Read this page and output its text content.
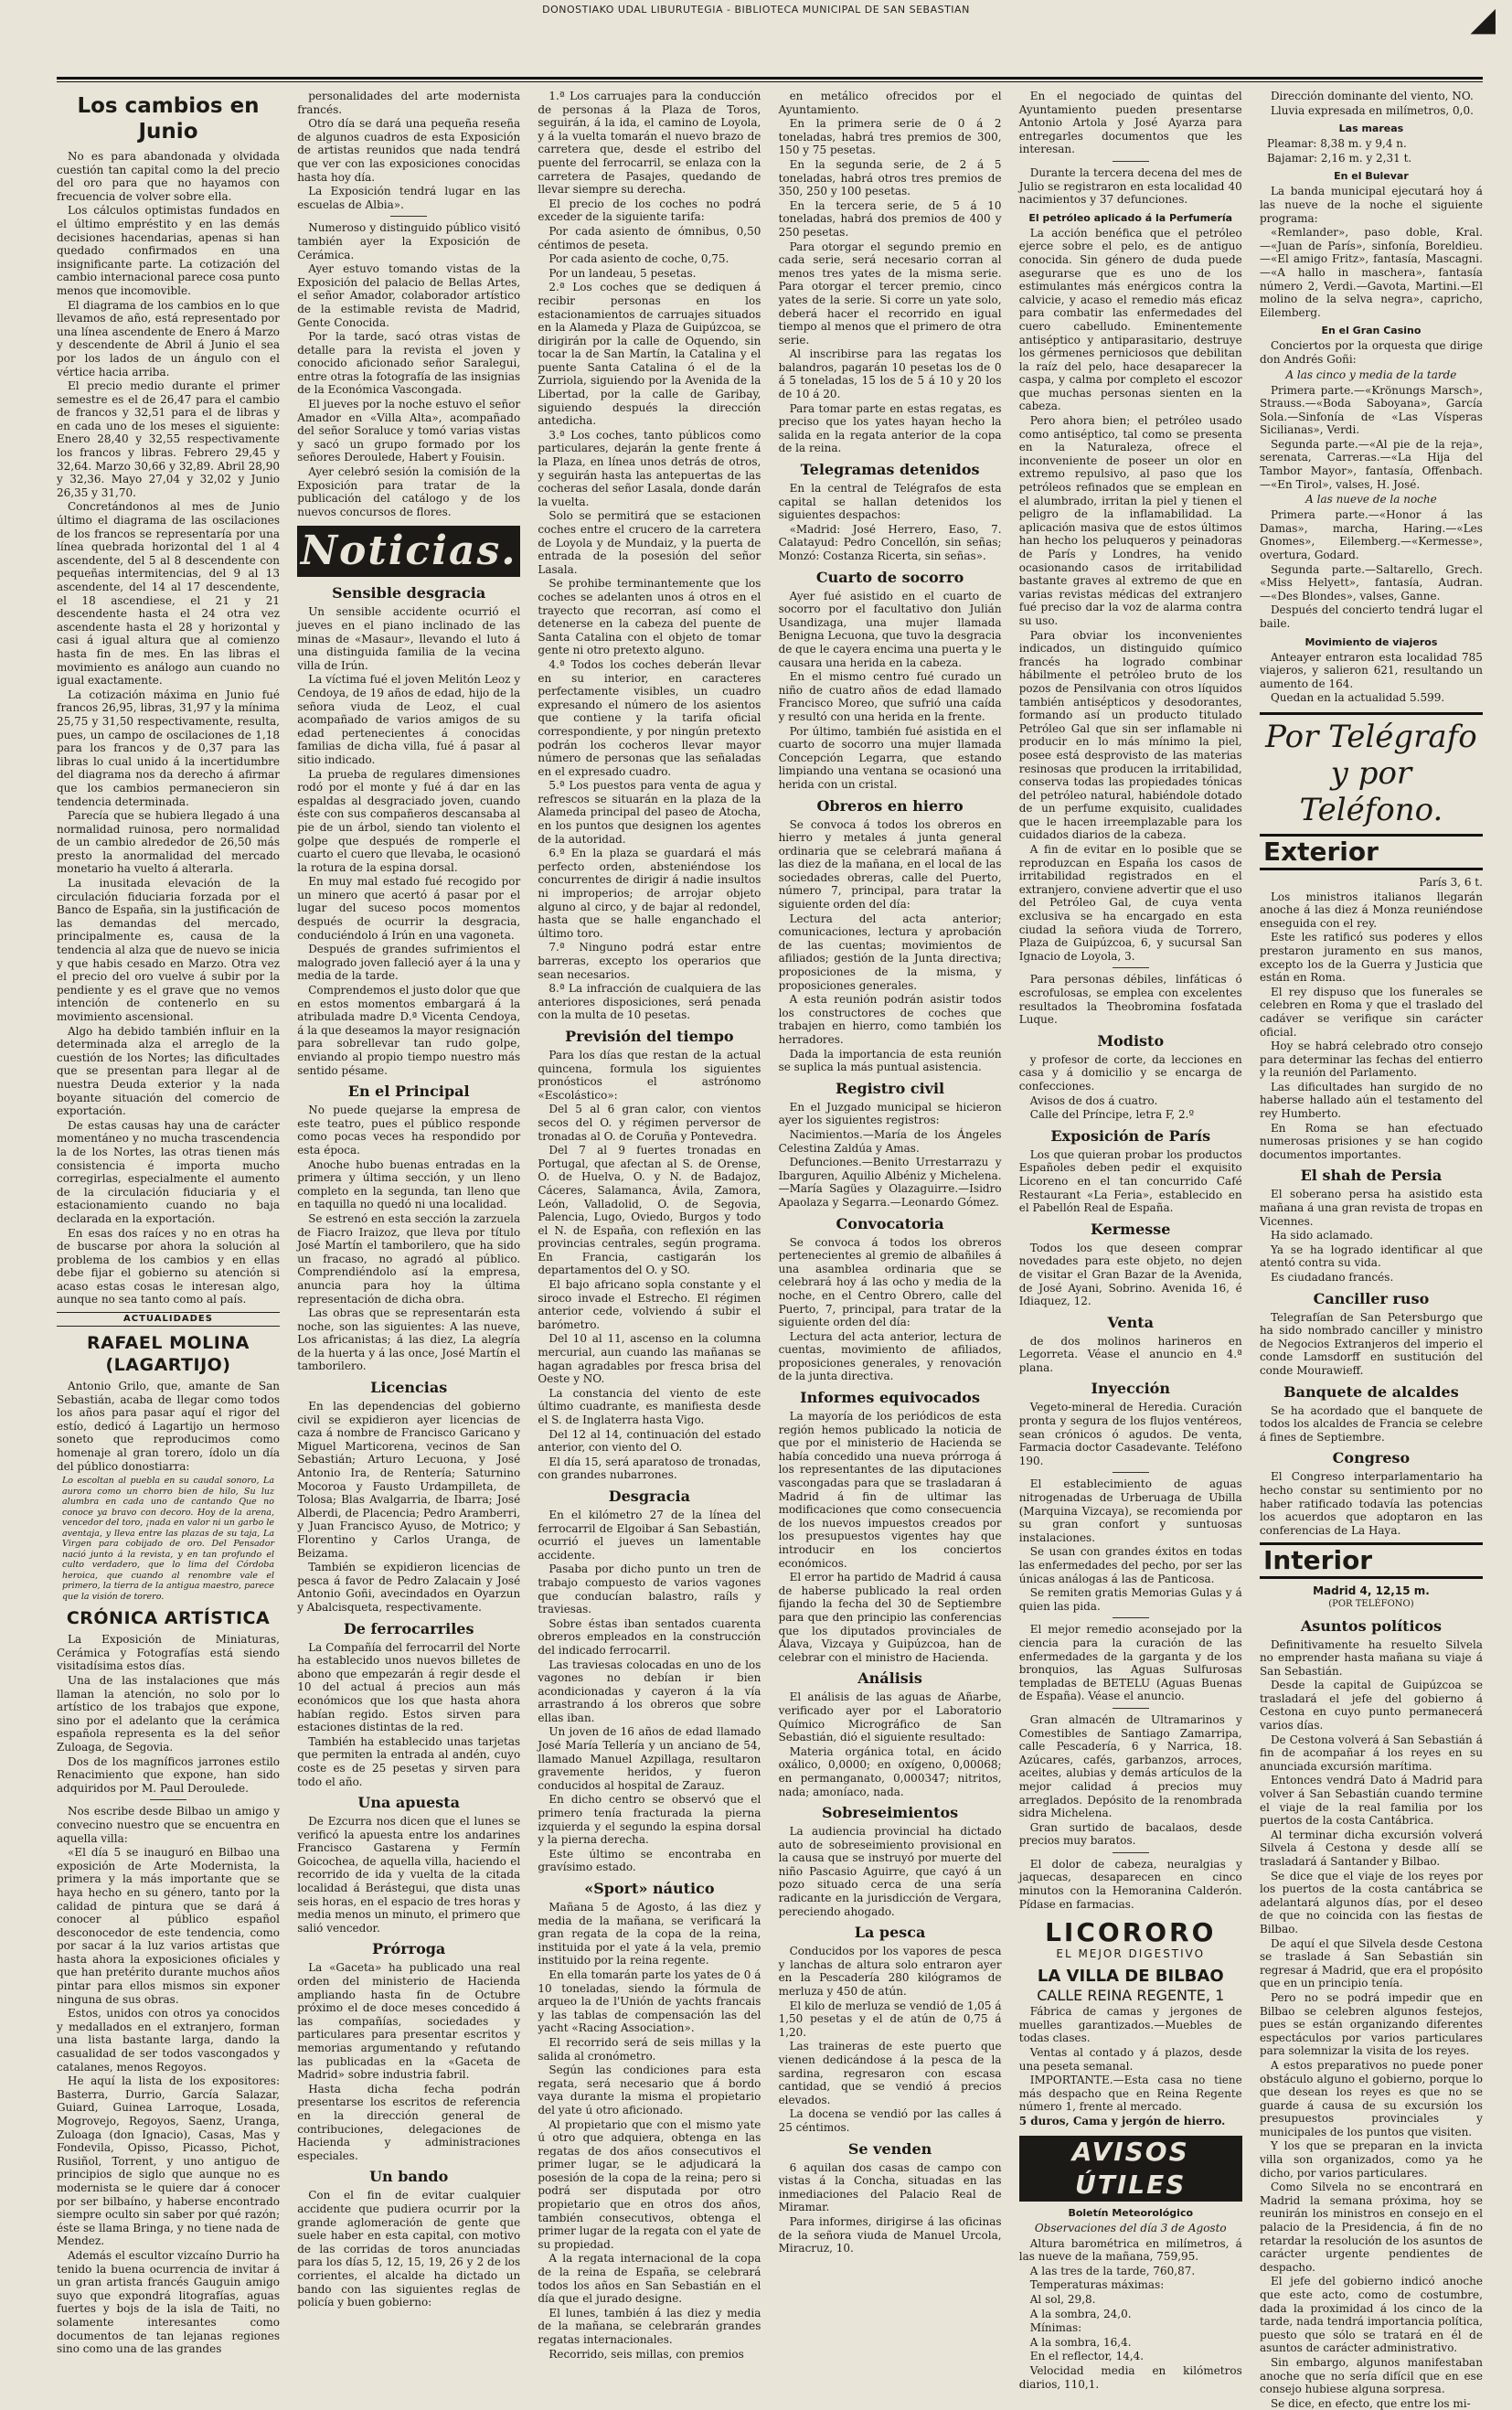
DONOSTIAKO UDAL LIBURUTEGIA - BIBLIOTECA MUNICIPAL DE SAN SEBASTIAN	◢
Los cambios en Junio

No es para abandonada y olvidada cuestión tan capital como la del precio del oro para que no hayamos con frecuencia de volver sobre ella.

Los cálculos optimistas fundados en el último empréstito y en las demás decisiones hacendarias, apenas si han quedado confirmados en una insignificante parte. La cotización del cambio internacional parece cosa punto menos que incomovible.

El diagrama de los cambios en lo que llevamos de año, está representado por una línea ascendente de Enero á Marzo y descendente de Abril á Junio el sea por los lados de un ángulo con el vértice hacia arriba.

El precio medio durante el primer semestre es el de 26,47 para el cambio de francos y 32,51 para el de libras y en cada uno de los meses el siguiente: Enero 28,40 y 32,55 respectivamente los francos y libras. Febrero 29,45 y 32,64. Marzo 30,66 y 32,89. Abril 28,90 y 32,36. Mayo 27,04 y 32,02 y Junio 26,35 y 31,70.

Concretándonos al mes de Junio último el diagrama de las oscilaciones de los francos se representaría por una línea quebrada horizontal del 1 al 4 ascendente, del 5 al 8 descendente con pequeñas intermitencias, del 9 al 13 ascendente, del 14 al 17 descendente, el 18 ascendiese, el 21 y 21 descendente hasta el 24 otra vez ascendente hasta el 28 y horizontal y casi á igual altura que al comienzo hasta fin de mes. En las libras el movimiento es análogo aun cuando no igual exactamente.

La cotización máxima en Junio fué francos 26,95, libras, 31,97 y la mínima 25,75 y 31,50 respectivamente, resulta, pues, un campo de oscilaciones de 1,18 para los francos y de 0,37 para las libras lo cual unido á la incertidumbre del diagrama nos da derecho á afirmar que los cambios permanecieron sin tendencia determinada.

Parecía que se hubiera llegado á una normalidad ruinosa, pero normalidad de un cambio alrededor de 26,50 más presto la anormalidad del mercado monetario ha vuelto á alterarla.

La inusitada elevación de la circulación fiduciaria forzada por el Banco de España, sin la justificación de las demandas del mercado, principalmente es, causa de la tendencia al alza que de nuevo se inicia y que habis cesado en Marzo. Otra vez el precio del oro vuelve á subir por la pendiente y es el grave que no vemos intención de contenerlo en su movimiento ascensional.

Algo ha debido también influir en la determinada alza el arreglo de la cuestión de los Nortes; las dificultades que se presentan para llegar al de nuestra Deuda exterior y la nada boyante situación del comercio de exportación.

De estas causas hay una de carácter momentáneo y no mucha trascendencia la de los Nortes, las otras tienen más consistencia é importa mucho corregirlas, especialmente el aumento de la circulación fiduciaria y el estacionamiento cuando no baja declarada en la exportación.

En esas dos raíces y no en otras ha de buscarse por ahora la solución al problema de los cambios y en ellas debe fijar el gobierno su atención si acaso estas cosas le interesan algo, aunque no sea tanto como al país.

ACTUALIDADES
RAFAEL MOLINA (LAGARTIJO)

Antonio Grilo, que, amante de San Sebastián, acaba de llegar como todos los años para pasar aquí el rigor del estío, dedicó á Lagartijo un hermoso soneto que reproducimos como homenaje al gran torero, ídolo un día del público donostiarra:

Lo escoltan al puebla en su caudal sonoro, La aurora como un chorro bien de hilo, Su luz alumbra en cada uno de cantando Que no conoce ya bravo con decoro. Hoy de la arena, vencedor del toro, ¡nada en valor ni un garbo le aventaja, y lleva entre las plazas de su taja, La Virgen para cobijado de oro. Del Pensador nació junto á la revista, y en tan profundo el culto verdadero, que lo lima del Córdoba heroica, que cuando al renombre vale el primero, la tierra de la antigua maestro, parece que la visión de torero.

CRÓNICA ARTÍSTICA

La Exposición de Miniaturas, Cerámica y Fotografías está siendo visitadísima estos días.

Una de las instalaciones que más llaman la atención, no solo por lo artístico de los trabajos que expone, sino por el adelanto que la cerámica española representa es la del señor Zuloaga, de Segovia.

Dos de los magníficos jarrones estilo Renacimiento que expone, han sido adquiridos por M. Paul Deroulede.

Nos escribe desde Bilbao un amigo y convecino nuestro que se encuentra en aquella villa:

«El día 5 se inauguró en Bilbao una exposición de Arte Modernista, la primera y la más importante que se haya hecho en su género, tanto por la calidad de pintura que se dará á conocer al público español desconocedor de este tendencia, como por sacar á la luz varios artistas que hasta ahora la exposiciones oficiales y que han pretérito durante muchos años pintar para ellos mismos sin exponer ninguna de sus obras.

Estos, unidos con otros ya conocidos y medallados en el extranjero, forman una lista bastante larga, dando la casualidad de ser todos vascongados y catalanes, menos Regoyos.

He aquí la lista de los expositores: Basterra, Durrio, García Salazar, Guiard, Guinea Larroque, Losada, Mogrovejo, Regoyos, Saenz, Uranga, Zuloaga (don Ignacio), Casas, Mas y Fondevila, Opisso, Picasso, Pichot, Rusiñol, Torrent, y uno antiguo de principios de siglo que aunque no es modernista se le quiere dar á conocer por ser bilbaíno, y haberse encontrado siempre oculto sin saber por qué razón; éste se llama Bringa, y no tiene nada de Mendez.

Además el escultor vizcaíno Durrio ha tenido la buena ocurrencia de invitar á un gran artista francés Gauguin amigo suyo que expondrá litografías, aguas fuertes y bojs de la isla de Taiti, no solamente interesantes como documentos de tan lejanas regiones sino como una de las grandes

personalidades del arte modernista francés.

Otro día se dará una pequeña reseña de algunos cuadros de esta Exposición de artistas reunidos que nada tendrá que ver con las exposiciones conocidas hasta hoy día.

La Exposición tendrá lugar en las escuelas de Albia».

Numeroso y distinguido público visitó también ayer la Exposición de Cerámica.

Ayer estuvo tomando vistas de la Exposición del palacio de Bellas Artes, el señor Amador, colaborador artístico de la estimable revista de Madrid, Gente Conocida.

Por la tarde, sacó otras vistas de detalle para la revista el joven y conocido aficionado señor Saralegui, entre otras la fotografía de las insignias de la Económica Vascongada.

El jueves por la noche estuvo el señor Amador en «Villa Alta», acompañado del señor Soraluce y tomó varias vistas y sacó un grupo formado por los señores Deroulede, Habert y Fouisin.

Ayer celebró sesión la comisión de la Exposición para tratar de la publicación del catálogo y de los nuevos concursos de flores.

Noticias.
Sensible desgracia

Un sensible accidente ocurrió el jueves en el piano inclinado de las minas de «Masaur», llevando el luto á una distinguida familia de la vecina villa de Irún.

La víctima fué el joven Melitón Leoz y Cendoya, de 19 años de edad, hijo de la señora viuda de Leoz, el cual acompañado de varios amigos de su edad pertenecientes á conocidas familias de dicha villa, fué á pasar al sitio indicado.

La prueba de regulares dimensiones rodó por el monte y fué á dar en las espaldas al desgraciado joven, cuando éste con sus compañeros descansaba al pie de un árbol, siendo tan violento el golpe que después de romperle el cuarto el cuero que llevaba, le ocasionó la rotura de la espina dorsal.

En muy mal estado fué recogido por un minero que acertó á pasar por el lugar del suceso pocos momentos después de ocurrir la desgracia, conduciéndolo á Irún en una vagoneta.

Después de grandes sufrimientos el malogrado joven falleció ayer á la una y media de la tarde.

Comprendemos el justo dolor que que en estos momentos embargará á la atribulada madre D.ª Vicenta Cendoya, á la que deseamos la mayor resignación para sobrellevar tan rudo golpe, enviando al propio tiempo nuestro más sentido pésame.

En el Principal

No puede quejarse la empresa de este teatro, pues el público responde como pocas veces ha respondido por esta época.

Anoche hubo buenas entradas en la primera y última sección, y un lleno completo en la segunda, tan lleno que en taquilla no quedó ni una localidad.

Se estrenó en esta sección la zarzuela de Fiacro Iraizoz, que lleva por título José Martín el tamborilero, que ha sido un fracaso, no agradó al público. Comprendiéndolo así la empresa, anuncia para hoy la última representación de dicha obra.

Las obras que se representarán esta noche, son las siguientes: A las nueve, Los africanistas; á las diez, La alegría de la huerta y á las once, José Martín el tamborilero.

Licencias

En las dependencias del gobierno civil se expidieron ayer licencias de caza á nombre de Francisco Garicano y Miguel Marticorena, vecinos de San Sebastián; Arturo Lecuona, y José Antonio Ira, de Rentería; Saturnino Mocoroa y Fausto Urdampilleta, de Tolosa; Blas Avalgarria, de Ibarra; José Alberdi, de Placencia; Pedro Aramberri, y Juan Francisco Ayuso, de Motrico; y Florentino y Carlos Uranga, de Beizama.

También se expidieron licencias de pesca á favor de Pedro Zalacain y José Antonio Goñi, avecindados en Oyarzun y Abalcisqueta, respectivamente.

De ferrocarriles

La Compañía del ferrocarril del Norte ha establecido unos nuevos billetes de abono que empezarán á regir desde el 10 del actual á precios aun más económicos que los que hasta ahora habían regido. Estos sirven para estaciones distintas de la red.

También ha establecido unas tarjetas que permiten la entrada al andén, cuyo coste es de 25 pesetas y sirven para todo el año.

Una apuesta

De Ezcurra nos dicen que el lunes se verificó la apuesta entre los andarines Francisco Gastarena y Fermín Goicochea, de aquella villa, haciendo el recorrido de ida y vuelta de la citada localidad á Berástegui, que dista unas seis horas, en el espacio de tres horas y media menos un minuto, el primero que salió vencedor.

Prórroga

La «Gaceta» ha publicado una real orden del ministerio de Hacienda ampliando hasta fin de Octubre próximo el de doce meses concedido á las compañías, sociedades y particulares para presentar escritos y memorias argumentando y refutando las publicadas en la «Gaceta de Madrid» sobre industria fabril.

Hasta dicha fecha podrán presentarse los escritos de referencia en la dirección general de contribuciones, delegaciones de Hacienda y administraciones especiales.

Un bando

Con el fin de evitar cualquier accidente que pudiera ocurrir por la grande aglomeración de gente que suele haber en esta capital, con motivo de las corridas de toros anunciadas para los días 5, 12, 15, 19, 26 y 2 de los corrientes, el alcalde ha dictado un bando con las siguientes reglas de policía y buen gobierno:

1.ª Los carruajes para la conducción de personas á la Plaza de Toros, seguirán, á la ida, el camino de Loyola, y á la vuelta tomarán el nuevo brazo de carretera que, desde el estribo del puente del ferrocarril, se enlaza con la carretera de Pasajes, quedando de llevar siempre su derecha.

El precio de los coches no podrá exceder de la siguiente tarifa:

Por cada asiento de ómnibus, 0,50 céntimos de peseta.

Por cada asiento de coche, 0,75.

Por un landeau, 5 pesetas.

2.ª Los coches que se dediquen á recibir personas en los estacionamientos de carruajes situados en la Alameda y Plaza de Guipúzcoa, se dirigirán por la calle de Oquendo, sin tocar la de San Martín, la Catalina y el puente Santa Catalina ó el de la Zurriola, siguiendo por la Avenida de la Libertad, por la calle de Garibay, siguiendo después la dirección antedicha.

3.ª Los coches, tanto públicos como particulares, dejarán la gente frente á la Plaza, en línea unos detrás de otros, y seguirán hasta las antepuertas de las cocheras del señor Lasala, donde darán la vuelta.

Solo se permitirá que se estacionen coches entre el crucero de la carretera de Loyola y de Mundaiz, y la puerta de entrada de la posesión del señor Lasala.

Se prohibe terminantemente que los coches se adelanten unos á otros en el trayecto que recorran, así como el detenerse en la cabeza del puente de Santa Catalina con el objeto de tomar gente ni otro pretexto alguno.

4.ª Todos los coches deberán llevar en su interior, en caracteres perfectamente visibles, un cuadro expresando el número de los asientos que contiene y la tarifa oficial correspondiente, y por ningún pretexto podrán los cocheros llevar mayor número de personas que las señaladas en el expresado cuadro.

5.ª Los puestos para venta de agua y refrescos se situarán en la plaza de la Alameda principal del paseo de Atocha, en los puntos que designen los agentes de la autoridad.

6.ª En la plaza se guardará el más perfecto orden, absteniéndose los concurrentes de dirigir á nadie insultos ni improperios; de arrojar objeto alguno al circo, y de bajar al redondel, hasta que se halle enganchado el último toro.

7.ª Ninguno podrá estar entre barreras, excepto los operarios que sean necesarios.

8.ª La infracción de cualquiera de las anteriores disposiciones, será penada con la multa de 10 pesetas.

Previsión del tiempo

Para los días que restan de la actual quincena, formula los siguientes pronósticos el astrónomo «Escolástico»:

Del 5 al 6 gran calor, con vientos secos del O. y régimen perversor de tronadas al O. de Coruña y Pontevedra.

Del 7 al 9 fuertes tronadas en Portugal, que afectan al S. de Orense, O. de Huelva, O. y N. de Badajoz, Cáceres, Salamanca, Ávila, Zamora, León, Valladolid, O. de Segovia, Palencia, Lugo, Oviedo, Burgos y todo el N. de España, con reflexión en las provincias centrales, según programa. En Francia, castigarán los departamentos del O. y SO.

El bajo africano sopla constante y el siroco invade el Estrecho. El régimen anterior cede, volviendo á subir el barómetro.

Del 10 al 11, ascenso en la columna mercurial, aun cuando las mañanas se hagan agradables por fresca brisa del Oeste y NO.

La constancia del viento de este último cuadrante, es manifiesta desde el S. de Inglaterra hasta Vigo.

Del 12 al 14, continuación del estado anterior, con viento del O.

El día 15, será aparatoso de tronadas, con grandes nubarrones.

Desgracia

En el kilómetro 27 de la línea del ferrocarril de Elgoibar á San Sebastián, ocurrió el jueves un lamentable accidente.

Pasaba por dicho punto un tren de trabajo compuesto de varios vagones que conducían balastro, raíls y traviesas.

Sobre éstas iban sentados cuarenta obreros empleados en la construcción del indicado ferrocarril.

Las traviesas colocadas en uno de los vagones no debían ir bien acondicionadas y cayeron á la vía arrastrando á los obreros que sobre ellas iban.

Un joven de 16 años de edad llamado José María Tellería y un anciano de 54, llamado Manuel Azpillaga, resultaron gravemente heridos, y fueron conducidos al hospital de Zarauz.

En dicho centro se observó que el primero tenía fracturada la pierna izquierda y el segundo la espina dorsal y la pierna derecha.

Este último se encontraba en gravísimo estado.

«Sport» náutico

Mañana 5 de Agosto, á las diez y media de la mañana, se verificará la gran regata de la copa de la reina, instituida por el yate á la vela, premio instituido por la reina regente.

En ella tomarán parte los yates de 0 á 10 toneladas, siendo la fórmula de arqueo la de l'Unión de yachts francais y las tablas de compensación las del yacht «Racing Association».

El recorrido será de seis millas y la salida al cronómetro.

Según las condiciones para esta regata, será necesario que á bordo vaya durante la misma el propietario del yate ú otro aficionado.

Al propietario que con el mismo yate ú otro que adquiera, obtenga en las regatas de dos años consecutivos el primer lugar, se le adjudicará la posesión de la copa de la reina; pero si podrá ser disputada por otro propietario que en otros dos años, también consecutivos, obtenga el primer lugar de la regata con el yate de su propiedad.

A la regata internacional de la copa de la reina de España, se celebrará todos los años en San Sebastián en el día que el jurado designe.

El lunes, también á las diez y media de la mañana, se celebrarán grandes regatas internacionales.

Recorrido, seis millas, con premios

en metálico ofrecidos por el Ayuntamiento.

En la primera serie de 0 á 2 toneladas, habrá tres premios de 300, 150 y 75 pesetas.

En la segunda serie, de 2 á 5 toneladas, habrá otros tres premios de 350, 250 y 100 pesetas.

En la tercera serie, de 5 á 10 toneladas, habrá dos premios de 400 y 250 pesetas.

Para otorgar el segundo premio en cada serie, será necesario corran al menos tres yates de la misma serie. Para otorgar el tercer premio, cinco yates de la serie. Si corre un yate solo, deberá hacer el recorrido en igual tiempo al menos que el primero de otra serie.

Al inscribirse para las regatas los balandros, pagarán 10 pesetas los de 0 á 5 toneladas, 15 los de 5 á 10 y 20 los de 10 á 20.

Para tomar parte en estas regatas, es preciso que los yates hayan hecho la salida en la regata anterior de la copa de la reina.

Telegramas detenidos

En la central de Telégrafos de esta capital se hallan detenidos los siguientes despachos:

«Madrid: José Herrero, Easo, 7. Calatayud: Pedro Concellón, sin señas; Monzó: Costanza Ricerta, sin señas».

Cuarto de socorro

Ayer fué asistido en el cuarto de socorro por el facultativo don Julián Usandizaga, una mujer llamada Benigna Lecuona, que tuvo la desgracia de que le cayera encima una puerta y le causara una herida en la cabeza.

En el mismo centro fué curado un niño de cuatro años de edad llamado Francisco Moreo, que sufrió una caída y resultó con una herida en la frente.

Por último, también fué asistida en el cuarto de socorro una mujer llamada Concepción Legarra, que estando limpiando una ventana se ocasionó una herida con un cristal.

Obreros en hierro

Se convoca á todos los obreros en hierro y metales á junta general ordinaria que se celebrará mañana á las diez de la mañana, en el local de las sociedades obreras, calle del Puerto, número 7, principal, para tratar la siguiente orden del día:

Lectura del acta anterior; comunicaciones, lectura y aprobación de las cuentas; movimientos de afiliados; gestión de la Junta directiva; proposiciones de la misma, y proposiciones generales.

A esta reunión podrán asistir todos los constructores de coches que trabajen en hierro, como también los herradores.

Dada la importancia de esta reunión se suplica la más puntual asistencia.

Registro civil

En el Juzgado municipal se hicieron ayer los siguientes registros:

Nacimientos.—María de los Ángeles Celestina Zaldúa y Amas.

Defunciones.—Benito Urrestarrazu y Ibarguren, Aquilio Albéniz y Michelena.—María Sagües y Olazaguirre.—Isidro Apaolaza y Segarra.—Leonardo Gómez.

Convocatoria

Se convoca á todos los obreros pertenecientes al gremio de albañiles á una asamblea ordinaria que se celebrará hoy á las ocho y media de la noche, en el Centro Obrero, calle del Puerto, 7, principal, para tratar de la siguiente orden del día:

Lectura del acta anterior, lectura de cuentas, movimiento de afiliados, proposiciones generales, y renovación de la junta directiva.

Informes equivocados

La mayoría de los periódicos de esta región hemos publicado la noticia de que por el ministerio de Hacienda se había concedido una nueva prórroga á los representantes de las diputaciones vascongadas para que se trasladaran á Madrid á fin de ultimar las modificaciones que como consecuencia de los nuevos impuestos creados por los presupuestos vigentes hay que introducir en los conciertos económicos.

El error ha partido de Madrid á causa de haberse publicado la real orden fijando la fecha del 30 de Septiembre para que den principio las conferencias que los diputados provinciales de Álava, Vizcaya y Guipúzcoa, han de celebrar con el ministro de Hacienda.

Análisis

El análisis de las aguas de Añarbe, verificado ayer por el Laboratorio Químico Micrográfico de San Sebastián, dió el siguiente resultado:

Materia orgánica total, en ácido oxálico, 0,0000; en oxígeno, 0,00068; en permanganato, 0,000347; nitritos, nada; amoníaco, nada.

Sobreseimientos

La audiencia provincial ha dictado auto de sobreseimiento provisional en la causa que se instruyó por muerte del niño Pascasio Aguirre, que cayó á un pozo situado cerca de una sería radicante en la jurisdicción de Vergara, pereciendo ahogado.

La pesca

Conducidos por los vapores de pesca y lanchas de altura solo entraron ayer en la Pescadería 280 kilógramos de merluza y 450 de atún.

El kilo de merluza se vendió de 1,05 á 1,50 pesetas y el de atún de 0,75 á 1,20.

Las traineras de este puerto que vienen dedicándose á la pesca de la sardina, regresaron con escasa cantidad, que se vendió á precios elevados.

La docena se vendió por las calles á 25 céntimos.

Se venden

6 aquilan dos casas de campo con vistas á la Concha, situadas en las inmediaciones del Palacio Real de Miramar.

Para informes, dirigirse á las oficinas de la señora viuda de Manuel Urcola, Miracruz, 10.

En el negociado de quintas del Ayuntamiento pueden presentarse Antonio Artola y José Ayarza para entregarles documentos que les interesan.

Durante la tercera decena del mes de Julio se registraron en esta localidad 40 nacimientos y 37 defunciones.

El petróleo aplicado á la Perfumería

La acción benéfica que el petróleo ejerce sobre el pelo, es de antiguo conocida. Sin género de duda puede asegurarse que es uno de los estimulantes más enérgicos contra la calvicie, y acaso el remedio más eficaz para combatir las enfermedades del cuero cabelludo. Eminentemente antiséptico y antiparasitario, destruye los gérmenes perniciosos que debilitan la raíz del pelo, hace desaparecer la caspa, y calma por completo el escozor que muchas personas sienten en la cabeza.

Pero ahora bien; el petróleo usado como antiséptico, tal como se presenta en la Naturaleza, ofrece el inconveniente de poseer un olor en extremo repulsivo, al paso que los petróleos refinados que se emplean en el alumbrado, irritan la piel y tienen el peligro de la inflamabilidad. La aplicación masiva que de estos últimos han hecho los peluqueros y peinadoras de París y Londres, ha venido ocasionando casos de irritabilidad bastante graves al extremo de que en varias revistas médicas del extranjero fué preciso dar la voz de alarma contra su uso.

Para obviar los inconvenientes indicados, un distinguido químico francés ha logrado combinar hábilmente el petróleo bruto de los pozos de Pensilvania con otros líquidos también antisépticos y desodorantes, formando así un producto titulado Petróleo Gal que sin ser inflamable ni producir en lo más mínimo la piel, posee está desprovisto de las materias resinosas que producen la irritabilidad, conserva todas las propiedades tónicas del petróleo natural, habiéndole dotado de un perfume exquisito, cualidades que le hacen irreemplazable para los cuidados diarios de la cabeza.

A fin de evitar en lo posible que se reproduzcan en España los casos de irritabilidad registrados en el extranjero, conviene advertir que el uso del Petróleo Gal, de cuya venta exclusiva se ha encargado en esta ciudad la señora viuda de Torrero, Plaza de Guipúzcoa, 6, y sucursal San Ignacio de Loyola, 3.

Para personas débiles, linfáticas ó escrofulosas, se emplea con excelentes resultados la Theobromina fosfatada Luque.

Modisto

y profesor de corte, da lecciones en casa y á domicilio y se encarga de confecciones.

Avisos de dos á cuatro.

Calle del Príncipe, letra F, 2.º

Exposición de París

Los que quieran probar los productos Españoles deben pedir el exquisito Licoreno en el tan concurrido Café Restaurant «La Feria», establecido en el Pabellón Real de España.

Kermesse

Todos los que deseen comprar novedades para este objeto, no dejen de visitar el Gran Bazar de la Avenida, de José Ayani, Sobrino. Avenida 16, é Idiaquez, 12.

Venta

de dos molinos harineros en Legorreta. Véase el anuncio en 4.ª plana.

Inyección

Vegeto-mineral de Heredia. Curación pronta y segura de los flujos ventéreos, sean crónicos ó agudos. De venta, Farmacia doctor Casadevante. Teléfono 190.

El establecimiento de aguas nitrogenadas de Urberuaga de Ubilla (Marquina Vizcaya), se recomienda por su gran confort y suntuosas instalaciones.

Se usan con grandes éxitos en todas las enfermedades del pecho, por ser las únicas análogas á las de Panticosa.

Se remiten gratis Memorias Gulas y á quien las pida.

El mejor remedio aconsejado por la ciencia para la curación de las enfermedades de la garganta y de los bronquios, las Aguas Sulfurosas templadas de BETELU (Aguas Buenas de España). Véase el anuncio.

Gran almacén de Ultramarinos y Comestibles de Santiago Zamarripa, calle Pescadería, 6 y Narrica, 18. Azúcares, cafés, garbanzos, arroces, aceites, alubias y demás artículos de la mejor calidad á precios muy arreglados. Depósito de la renombrada sidra Michelena.

Gran surtido de bacalaos, desde precios muy baratos.

El dolor de cabeza, neuralgias y jaquecas, desaparecen en cinco minutos con la Hemoranina Calderón. Pídase en farmacias.

LICORORO
EL MEJOR DIGESTIVO
LA VILLA DE BILBAO
CALLE REINA REGENTE, 1

Fábrica de camas y jergones de muelles garantizados.—Muebles de todas clases.

Ventas al contado y á plazos, desde una peseta semanal.

IMPORTANTE.—Esta casa no tiene más despacho que en Reina Regente número 1, frente al mercado.

5 duros, Cama y jergón de hierro.

AVISOS ÚTILES
Boletín Meteorológico
Observaciones del día 3 de Agosto

Altura barométrica en milímetros, á las nueve de la mañana, 759,95.

A las tres de la tarde, 760,87.

Temperaturas máximas:

Al sol, 29,8.

A la sombra, 24,0.

Mínimas:

A la sombra, 16,4.

En el reflector, 14,4.

Velocidad media en kilómetros diarios, 110,1.

Dirección dominante del viento, NO.

Lluvia expresada en milímetros, 0,0.

Las mareas

Pleamar: 8,38 m. y 9,4 n.

Bajamar: 2,16 m. y 2,31 t.

En el Bulevar

La banda municipal ejecutará hoy á las nueve de la noche el siguiente programa:

«Remlander», paso doble, Kral.—«Juan de París», sinfonía, Boreldieu.—«El amigo Fritz», fantasía, Mascagni.—«A hallo in maschera», fantasía número 2, Verdi.—Gavota, Martini.—El molino de la selva negra», capricho, Eilemberg.

En el Gran Casino

Conciertos por la orquesta que dirige don Andrés Goñi:

A las cinco y media de la tarde

Primera parte.—«Krönungs Marsch», Strauss.—«Boda Saboyana», García Sola.—Sinfonía de «Las Vísperas Sicilianas», Verdi.

Segunda parte.—«Al pie de la reja», serenata, Carreras.—«La Hija del Tambor Mayor», fantasía, Offenbach.—«En Tirol», valses, H. José.

A las nueve de la noche

Primera parte.—«Honor á las Damas», marcha, Haring.—«Les Gnomes», Eilemberg.—«Kermesse», overtura, Godard.

Segunda parte.—Saltarello, Grech. «Miss Helyett», fantasía, Audran.—«Des Blondes», valses, Ganne.

Después del concierto tendrá lugar el baile.

Movimiento de viajeros

Anteayer entraron esta localidad 785 viajeros, y salieron 621, resultando un aumento de 164.

Quedan en la actualidad 5.599.

Por Telégrafo y por Teléfono.
Exterior

París 3, 6 t.

Los ministros italianos llegarán anoche á las diez á Monza reuniéndose enseguida con el rey.

Este les ratificó sus poderes y ellos prestaron juramento en sus manos, excepto los de la Guerra y Justicia que están en Roma.

El rey dispuso que los funerales se celebren en Roma y que el traslado del cadáver se verifique sin carácter oficial.

Hoy se habrá celebrado otro consejo para determinar las fechas del entierro y la reunión del Parlamento.

Las dificultades han surgido de no haberse hallado aún el testamento del rey Humberto.

En Roma se han efectuado numerosas prisiones y se han cogido documentos importantes.

El shah de Persia

El soberano persa ha asistido esta mañana á una gran revista de tropas en Vicennes.

Ha sido aclamado.

Ya se ha logrado identificar al que atentó contra su vida.

Es ciudadano francés.

Canciller ruso

Telegrafían de San Petersburgo que ha sido nombrado canciller y ministro de Negocios Extranjeros del imperio el conde Lamsdorff en sustitución del conde Mourawieff.

Banquete de alcaldes

Se ha acordado que el banquete de todos los alcaldes de Francia se celebre á fines de Septiembre.

Congreso

El Congreso interparlamentario ha hecho constar su sentimiento por no haber ratificado todavía las potencias los acuerdos que adoptaron en las conferencias de La Haya.

Interior
Madrid 4, 12,15 m.
(POR TELÉFONO)
Asuntos políticos

Definitivamente ha resuelto Silvela no emprender hasta mañana su viaje á San Sebastián.

Desde la capital de Guipúzcoa se trasladará el jefe del gobierno á Cestona en cuyo punto permanecerá varios días.

De Cestona volverá á San Sebastián á fin de acompañar á los reyes en su anunciada excursión marítima.

Entonces vendrá Dato á Madrid para volver á San Sebastián cuando termine el viaje de la real familia por los puertos de la costa Cantábrica.

Al terminar dicha excursión volverá Silvela á Cestona y desde allí se trasladará á Santander y Bilbao.

Se dice que el viaje de los reyes por los puertos de la costa cantábrica se adelantará algunos días, por el deseo de que no coincida con las fiestas de Bilbao.

De aquí el que Silvela desde Cestona se traslade á San Sebastián sin regresar á Madrid, que era el propósito que en un principio tenía.

Pero no se podrá impedir que en Bilbao se celebren algunos festejos, pues se están organizando diferentes espectáculos por varios particulares para solemnizar la visita de los reyes.

A estos preparativos no puede poner obstáculo alguno el gobierno, porque lo que desean los reyes es que no se guarde á causa de su excursión los presupuestos provinciales y municipales de los puntos que visiten.

Y los que se preparan en la invicta villa son organizados, como ya he dicho, por varios particulares.

Como Silvela no se encontrará en Madrid la semana próxima, hoy se reunirán los ministros en consejo en el palacio de la Presidencia, á fin de no retardar la resolución de los asuntos de carácter urgente pendientes de despacho.

El jefe del gobierno indicó anoche que este acto, como de costumbre, dada la proximidad á los cinco de la tarde, nada tendrá importancia política, puesto que sólo se tratará en él de asuntos de carácter administrativo.

Sin embargo, algunos manifestaban anoche que no sería difícil que en ese consejo hubiese alguna sorpresa.

Se dice, en efecto, que entre los mi-
